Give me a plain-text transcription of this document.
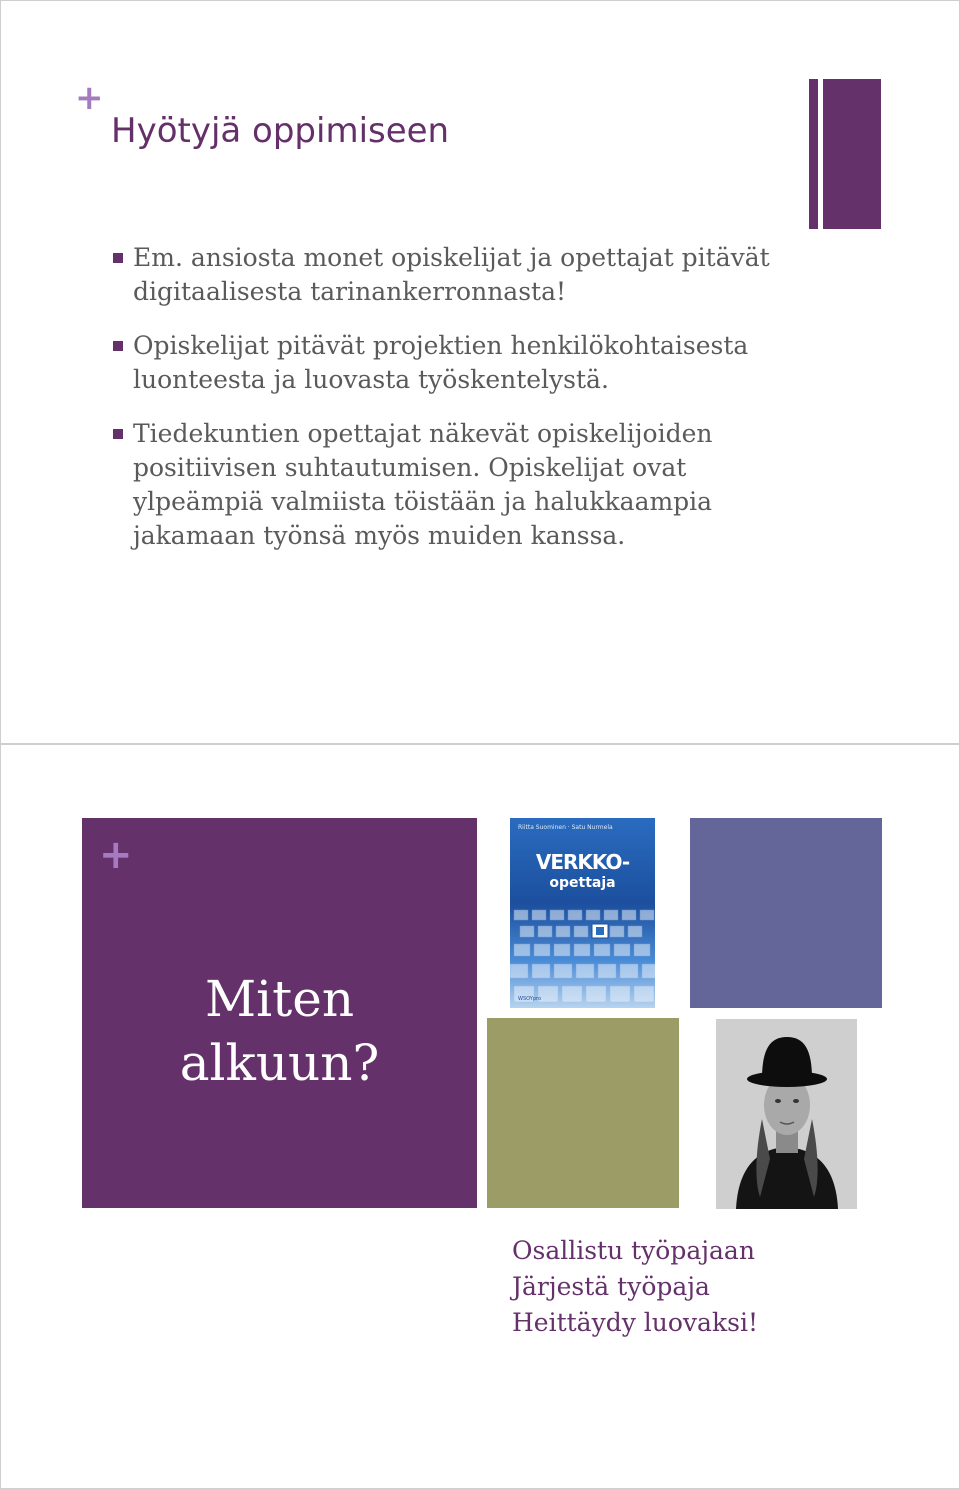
+
Hyötyjä oppimiseen
Em. ansiosta monet opiskelijat ja opettajat pitävät digitaalisesta tarinankerronnasta!
Opiskelijat pitävät projektien henkilökohtaisesta luonteesta ja luovasta työskentelystä.
Tiedekuntien opettajat näkevät opiskelijoiden positiivisen suhtautumisen. Opiskelijat ovat ylpeämpiä valmiista töistään ja halukkaampia jakamaan työnsä myös muiden kanssa.
+
Miten
alkuun?
Riitta Suominen · Satu Nurmela
VERKKO-
opettaja
WSOYpro
Osallistu työpajaan
Järjestä työpaja
Heittäydy luovaksi!
